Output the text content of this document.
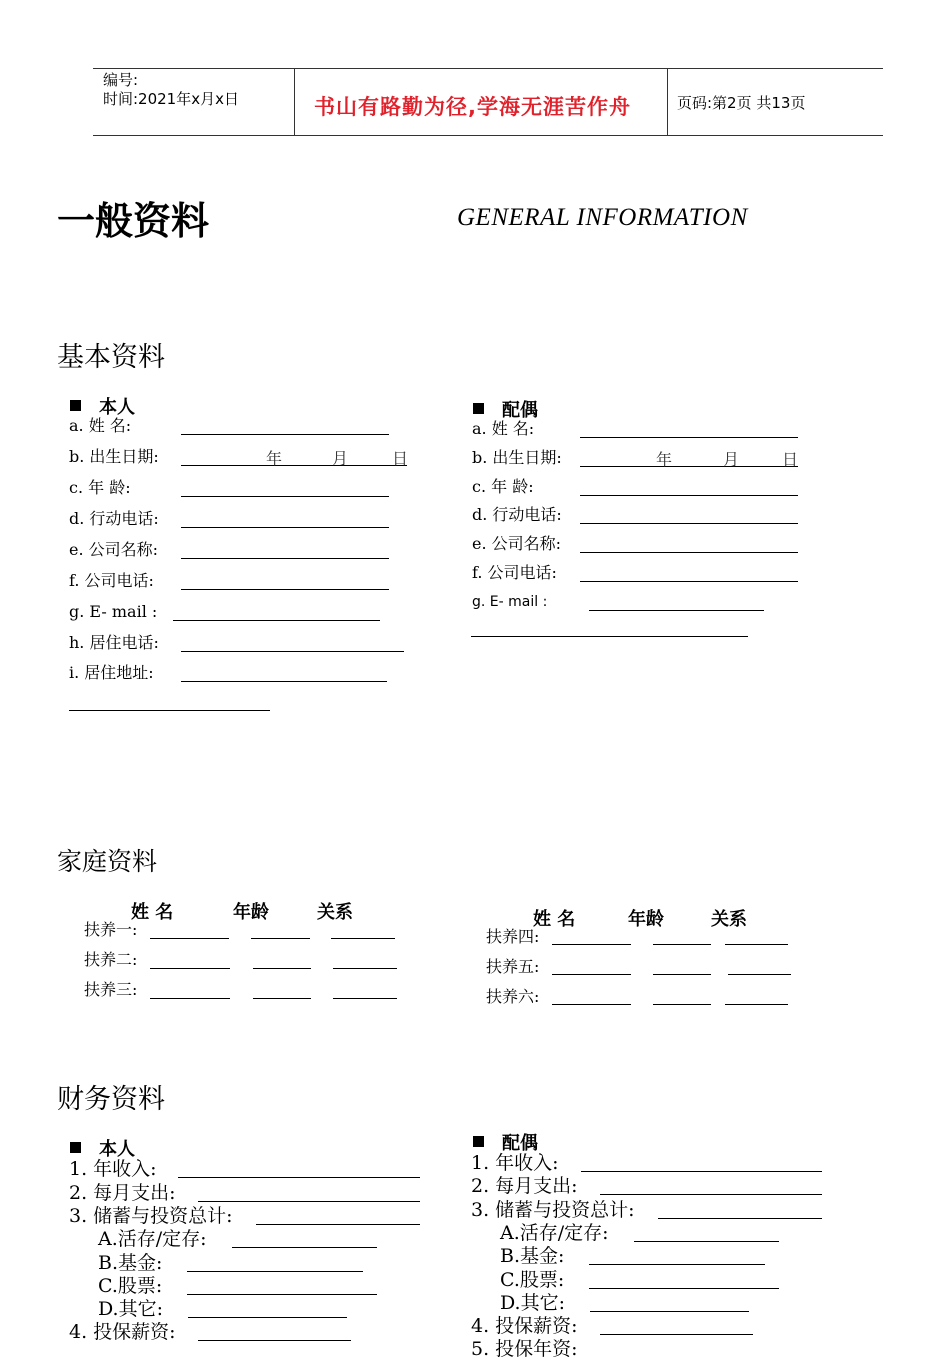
编号:
时间:2021年x月x日	书山有路勤为径,学海无涯苦作舟	页码:第2页 共13页
一般资料	GENERAL INFORMATION
基本资料
本人	配偶
a. 姓 名:
b. 出生日期:	年	月	日
c. 年 龄:
d. 行动电话:
e. 公司名称:
f. 公司电话:
g. E- mail :
h. 居住电话:
i. 居住地址:
a. 姓 名:
b. 出生日期:	年	月	日
c. 年 龄:
d. 行动电话:
e. 公司名称:
f. 公司电话:
g. E- mail :
家庭资料
姓 名	年龄	关系	姓 名	年龄	关系
扶养一:
扶养二:
扶养三:
扶养四:
扶养五:
扶养六:
财务资料
本人	配偶
1. 年收入:
2. 每月支出:
3. 储蓄与投资总计:
A.活存/定存:
B.基金:
C.股票:
D.其它:
4. 投保薪资:
1. 年收入:
2. 每月支出:
3. 储蓄与投资总计:
A.活存/定存:
B.基金:
C.股票:
D.其它:
4. 投保薪资:
5. 投保年资:
